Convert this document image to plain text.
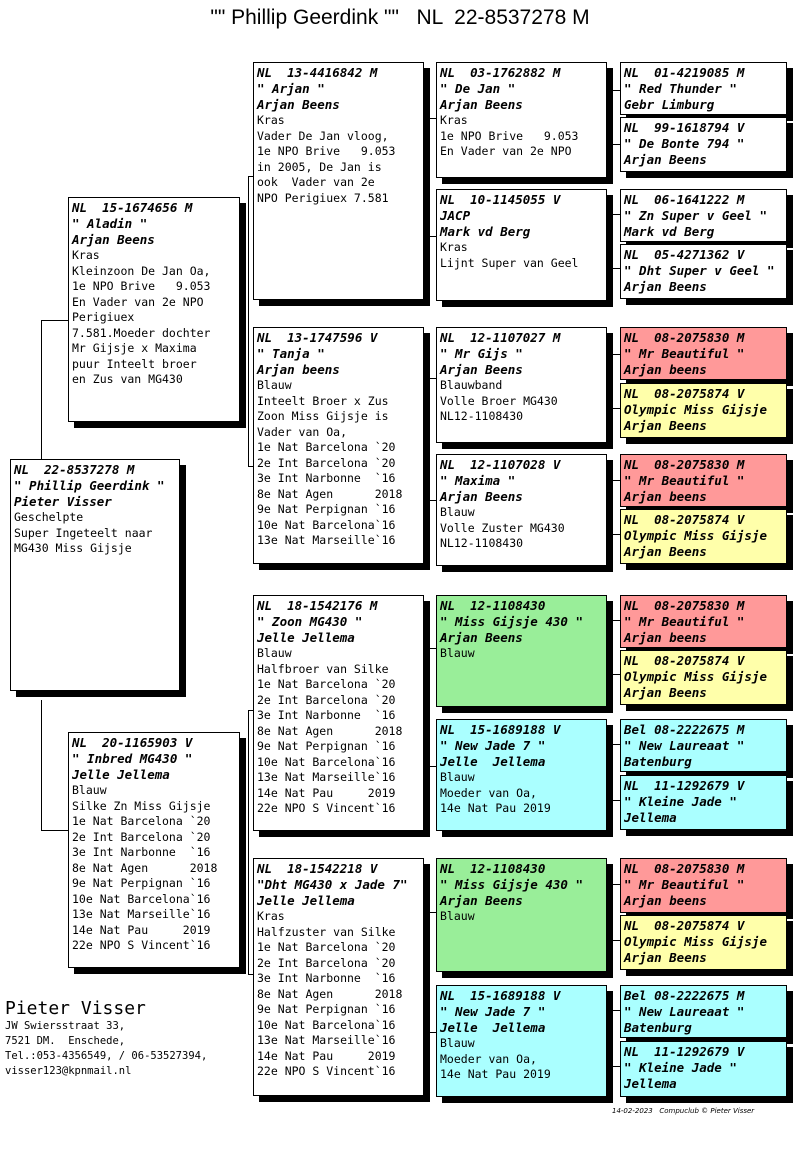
"" Phillip Geerdink ""   NL  22-8537278 M
NL  22-8537278 M
" Phillip Geerdink "
Pieter Visser
Geschelpte
Super Ingeteelt naar
MG430 Miss Gijsje
NL  15-1674656 M
" Aladin "
Arjan Beens
Kras
Kleinzoon De Jan Oa,
1e NPO Brive   9.053
En Vader van 2e NPO
Perigiuex
7.581.Moeder dochter
Mr Gijsje x Maxima
puur Inteelt broer
en Zus van MG430
NL  20-1165903 V
" Inbred MG430 "
Jelle Jellema
Blauw
Silke Zn Miss Gijsje
1e Nat Barcelona `20
2e Int Barcelona `20
3e Int Narbonne  `16
8e Nat Agen      2018
9e Nat Perpignan `16
10e Nat Barcelona`16
13e Nat Marseille`16
14e Nat Pau     2019
22e NPO S Vincent`16
NL  13-4416842 M
" Arjan "
Arjan Beens
Kras
Vader De Jan vloog,
1e NPO Brive   9.053
in 2005, De Jan is
ook  Vader van 2e
NPO Perigiuex 7.581
NL  13-1747596 V
" Tanja "
Arjan beens
Blauw
Inteelt Broer x Zus
Zoon Miss Gijsje is
Vader van Oa,
1e Nat Barcelona `20
2e Int Barcelona `20
3e Int Narbonne  `16
8e Nat Agen      2018
9e Nat Perpignan `16
10e Nat Barcelona`16
13e Nat Marseille`16
NL  18-1542176 M
" Zoon MG430 "
Jelle Jellema
Blauw
Halfbroer van Silke
1e Nat Barcelona `20
2e Int Barcelona `20
3e Int Narbonne  `16
8e Nat Agen      2018
9e Nat Perpignan `16
10e Nat Barcelona`16
13e Nat Marseille`16
14e Nat Pau     2019
22e NPO S Vincent`16
NL  18-1542218 V
"Dht MG430 x Jade 7"
Jelle Jellema
Kras
Halfzuster van Silke
1e Nat Barcelona `20
2e Int Barcelona `20
3e Int Narbonne  `16
8e Nat Agen      2018
9e Nat Perpignan `16
10e Nat Barcelona`16
13e Nat Marseille`16
14e Nat Pau     2019
22e NPO S Vincent`16
NL  03-1762882 M
" De Jan "
Arjan Beens
Kras
1e NPO Brive   9.053
En Vader van 2e NPO
NL  10-1145055 V
JACP
Mark vd Berg
Kras
Lijnt Super van Geel
NL  12-1107027 M
" Mr Gijs "
Arjan Beens
Blauwband
Volle Broer MG430
NL12-1108430
NL  12-1107028 V
" Maxima "
Arjan Beens
Blauw
Volle Zuster MG430
NL12-1108430
NL  12-1108430
" Miss Gijsje 430 "
Arjan Beens
Blauw
NL  15-1689188 V
" New Jade 7 "
Jelle  Jellema
Blauw
Moeder van Oa,
14e Nat Pau 2019
NL  12-1108430
" Miss Gijsje 430 "
Arjan Beens
Blauw
NL  15-1689188 V
" New Jade 7 "
Jelle  Jellema
Blauw
Moeder van Oa,
14e Nat Pau 2019
NL  01-4219085 M
" Red Thunder "
Gebr Limburg
NL  99-1618794 V
" De Bonte 794 "
Arjan Beens
NL  06-1641222 M
" Zn Super v Geel "
Mark vd Berg
NL  05-4271362 V
" Dht Super v Geel "
Arjan Beens
NL  08-2075830 M
" Mr Beautiful "
Arjan beens
NL  08-2075874 V
Olympic Miss Gijsje
Arjan Beens
NL  08-2075830 M
" Mr Beautiful "
Arjan beens
NL  08-2075874 V
Olympic Miss Gijsje
Arjan Beens
NL  08-2075830 M
" Mr Beautiful "
Arjan beens
NL  08-2075874 V
Olympic Miss Gijsje
Arjan Beens
Bel 08-2222675 M
" New Laureaat "
Batenburg
NL  11-1292679 V
" Kleine Jade "
Jellema
NL  08-2075830 M
" Mr Beautiful "
Arjan beens
NL  08-2075874 V
Olympic Miss Gijsje
Arjan Beens
Bel 08-2222675 M
" New Laureaat "
Batenburg
NL  11-1292679 V
" Kleine Jade "
Jellema
Pieter Visser
JW Swiersstraat 33,
7521 DM.  Enschede,
Tel.:053-4356549, / 06-53527394,
visser123@kpnmail.nl
14-02-2023   Compuclub © Pieter Visser
